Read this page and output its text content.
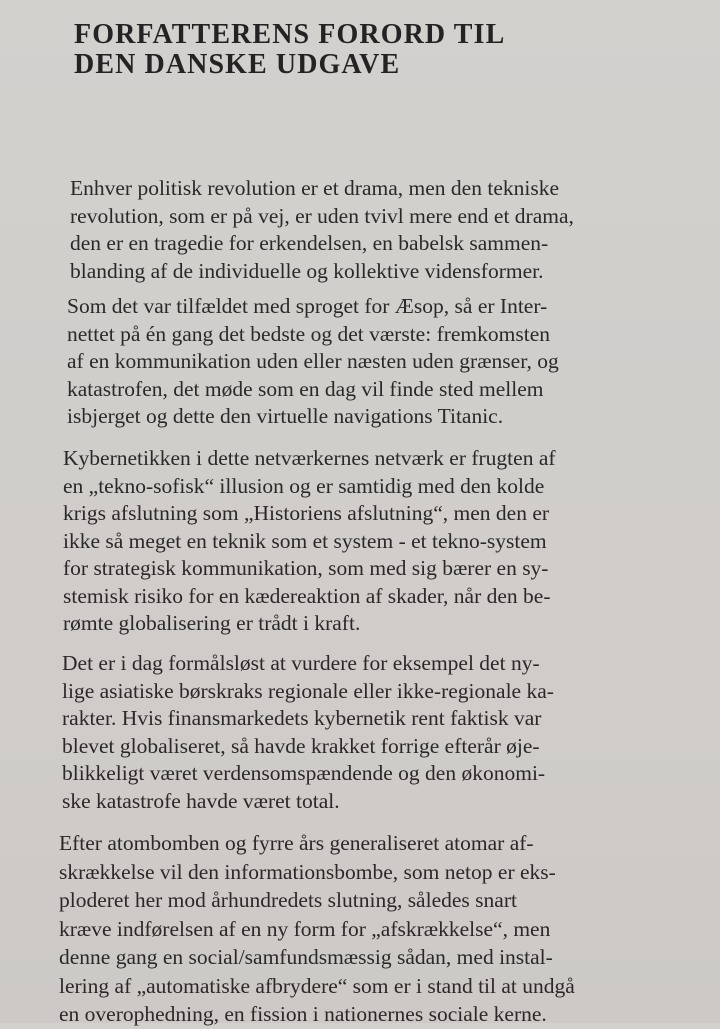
FORFATTERENS FORORD TIL
DEN DANSKE UDGAVE

Enhver politisk revolution er et drama, men den tekniske
revolution, som er på vej, er uden tvivl mere end et drama,
den er en tragedie for erkendelsen, en babelsk sammen-
blanding af de individuelle og kollektive vidensformer.

Som det var tilfældet med sproget for Æsop, så er Inter-
nettet på én gang det bedste og det værste: fremkomsten
af en kommunikation uden eller næsten uden grænser, og
katastrofen, det møde som en dag vil finde sted mellem
isbjerget og dette den virtuelle navigations Titanic.

Kybernetikken i dette netværkernes netværk er frugten af
en „tekno-sofisk“ illusion og er samtidig med den kolde
krigs afslutning som „Historiens afslutning“, men den er
ikke så meget en teknik som et system - et tekno-system
for strategisk kommunikation, som med sig bærer en sy-
stemisk risiko for en kædereaktion af skader, når den be-
rømte globalisering er trådt i kraft.

Det er i dag formålsløst at vurdere for eksempel det ny-
lige asiatiske børskraks regionale eller ikke-regionale ka-
rakter. Hvis finansmarkedets kybernetik rent faktisk var
blevet globaliseret, så havde krakket forrige efterår øje-
blikkeligt været verdensomspændende og den økonomi-
ske katastrofe havde været total.

Efter atombomben og fyrre års generaliseret atomar af-
skrækkelse vil den informationsbombe, som netop er eks-
ploderet her mod århundredets slutning, således snart
kræve indførelsen af en ny form for „afskrækkelse“, men
denne gang en social/samfundsmæssig sådan, med instal-
lering af „automatiske afbrydere“ som er i stand til at undgå
en overophedning, en fission i nationernes sociale kerne.
